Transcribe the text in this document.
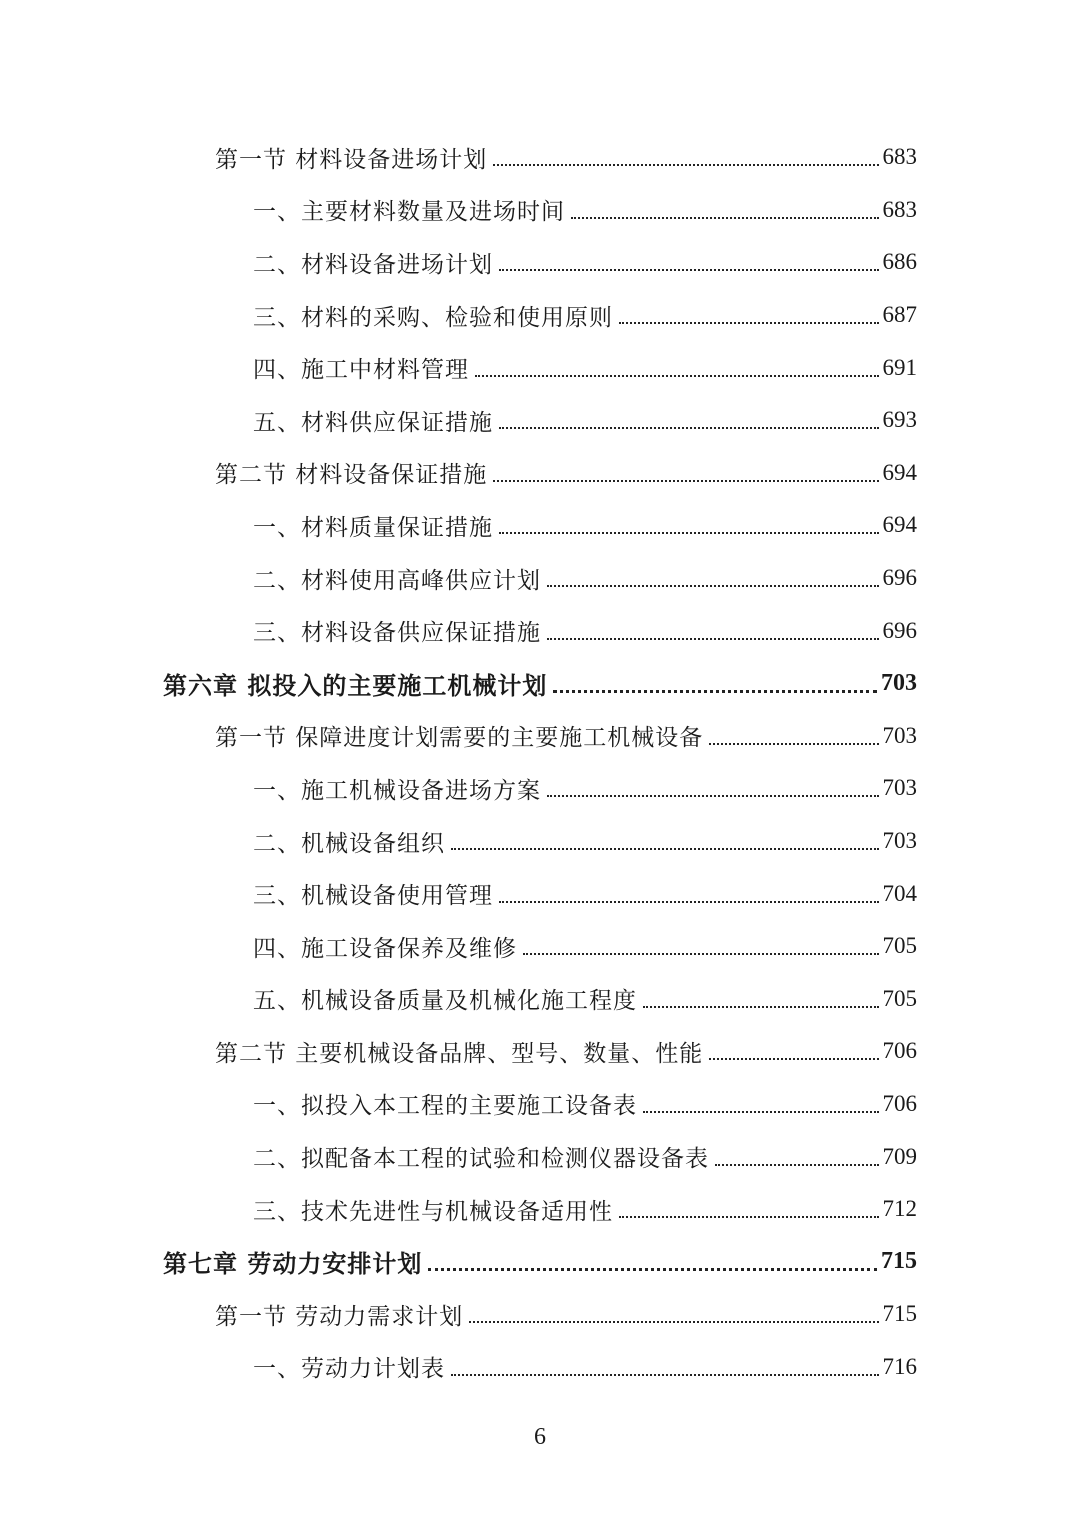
第一节 材料设备进场计划	683
一、主要材料数量及进场时间	683
二、材料设备进场计划	686
三、材料的采购、检验和使用原则	687
四、施工中材料管理	691
五、材料供应保证措施	693
第二节 材料设备保证措施	694
一、材料质量保证措施	694
二、材料使用高峰供应计划	696
三、材料设备供应保证措施	696
第六章 拟投入的主要施工机械计划	703
第一节 保障进度计划需要的主要施工机械设备	703
一、施工机械设备进场方案	703
二、机械设备组织	703
三、机械设备使用管理	704
四、施工设备保养及维修	705
五、机械设备质量及机械化施工程度	705
第二节 主要机械设备品牌、型号、数量、性能	706
一、拟投入本工程的主要施工设备表	706
二、拟配备本工程的试验和检测仪器设备表	709
三、技术先进性与机械设备适用性	712
第七章 劳动力安排计划	715
第一节 劳动力需求计划	715
一、劳动力计划表	716
6
